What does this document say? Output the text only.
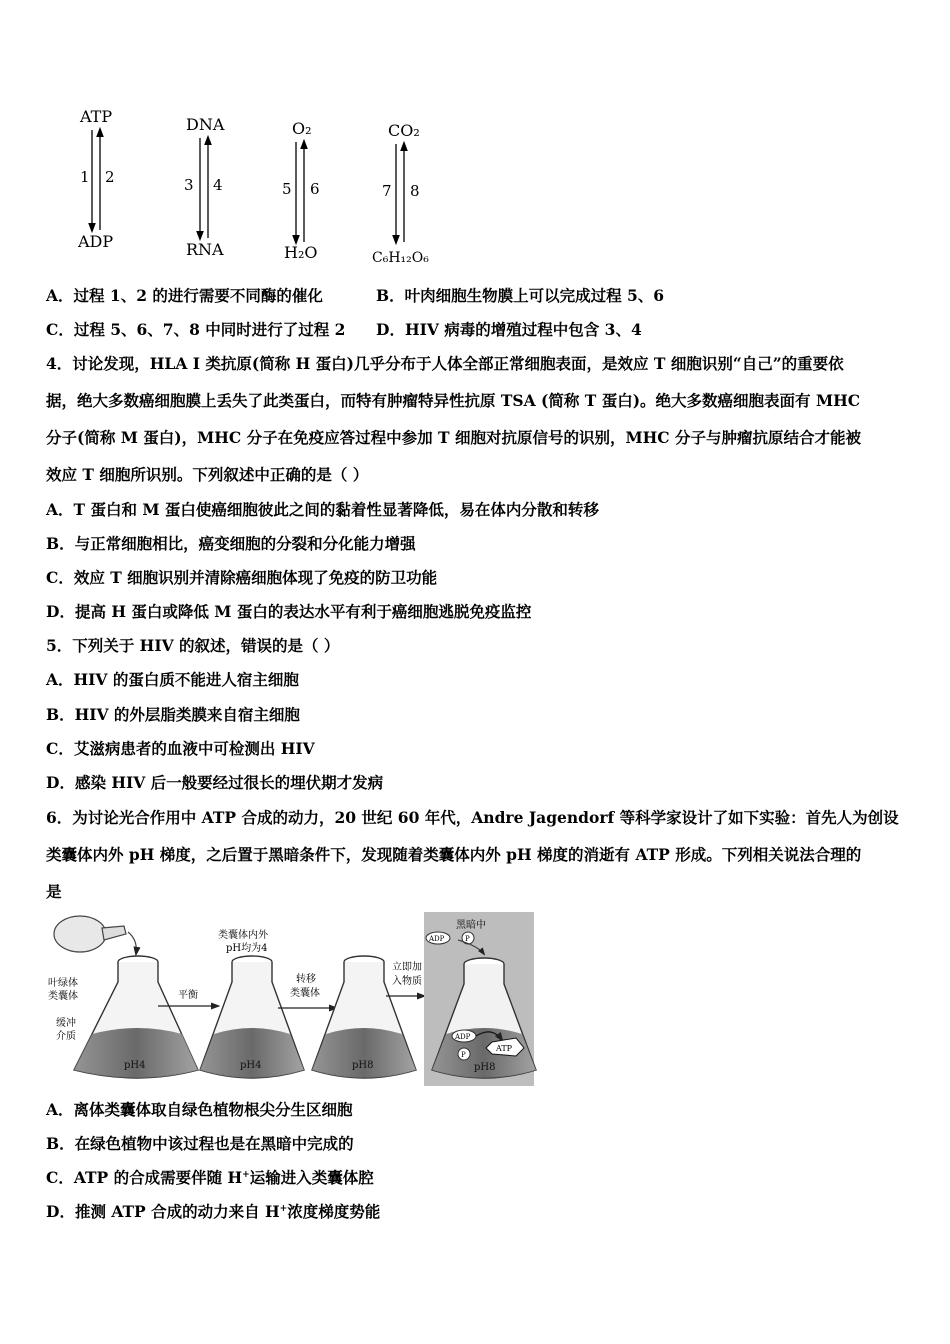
ATP
1 2
ADP
DNA
3 4
RNA
O₂
5 6
H₂O
CO₂
7 8
C₆H₁₂O₆
A．过程 1、2 的进行需要不同酶的催化	B．叶肉细胞生物膜上可以完成过程 5、6
C．过程 5、6、7、8 中同时进行了过程 2 D．HIV 病毒的增殖过程中包含 3、4
4．讨论发现，HLA I 类抗原(简称 H 蛋白)几乎分布于人体全部正常细胞表面，是效应 T 细胞识别“自己”的重要依
据，绝大多数癌细胞膜上丢失了此类蛋白，而特有肿瘤特异性抗原 TSA (简称 T 蛋白)。绝大多数癌细胞表面有 MHC
分子(简称 M 蛋白)，MHC 分子在免疫应答过程中参加 T 细胞对抗原信号的识别，MHC 分子与肿瘤抗原结合才能被
效应 T 细胞所识别。下列叙述中正确的是（ ）
A．T 蛋白和 M 蛋白使癌细胞彼此之间的黏着性显著降低，易在体内分散和转移
B．与正常细胞相比，癌变细胞的分裂和分化能力增强
C．效应 T 细胞识别并清除癌细胞体现了免疫的防卫功能
D．提高 H 蛋白或降低 M 蛋白的表达水平有利于癌细胞逃脱免疫监控
5．下列关于 HIV 的叙述，错误的是（ ）
A．HIV 的蛋白质不能进人宿主细胞
B．HIV 的外层脂类膜来自宿主细胞
C．艾滋病患者的血液中可检测出 HIV
D．感染 HIV 后一般要经过很长的埋伏期才发病
6．为讨论光合作用中 ATP 合成的动力，20 世纪 60 年代，Andre Jagendorf 等科学家设计了如下实验：首先人为创设
类囊体内外 pH 梯度，之后置于黑暗条件下，发现随着类囊体内外 pH 梯度的消逝有 ATP 形成。下列相关说法合理的
是
叶绿体
类囊体
缓冲
介质
pH4
平衡
类囊体内外
pH均为4
pH4
转移
类囊体
pH8
立即加
入物质
黑暗中
ADP	P
ADP
P
ATP
pH8
A．离体类囊体取自绿色植物根尖分生区细胞
B．在绿色植物中该过程也是在黑暗中完成的
C．ATP 的合成需要伴随 H+运输进入类囊体腔
D．推测 ATP 合成的动力来自 H+浓度梯度势能
